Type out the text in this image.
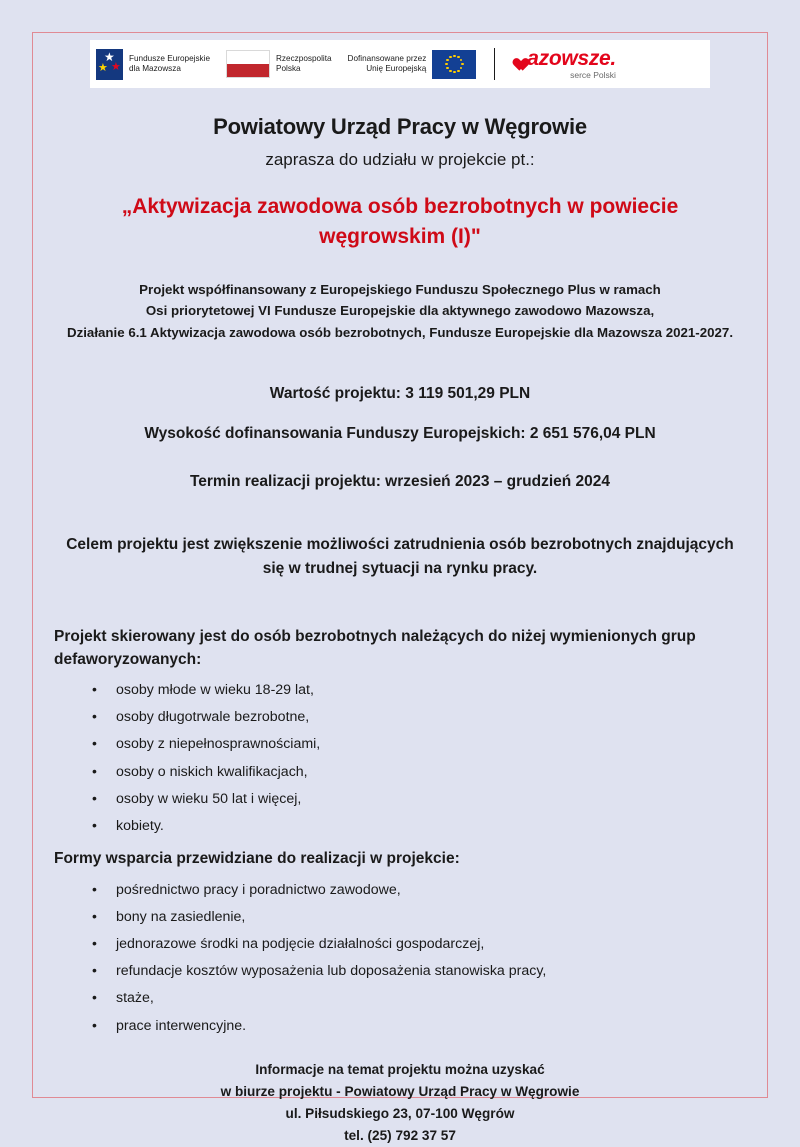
★
★ ★
Fundusze Europejskie
dla Mazowsza
Rzeczpospolita
Polska
Dofinansowane przez
Unię Europejską	azowsze.
serce Polski
Powiatowy Urząd Pracy w Węgrowie
zaprasza do udziału w projekcie pt.:
„Aktywizacja zawodowa osób bezrobotnych w powiecie
węgrowskim (I)"
Projekt współfinansowany z Europejskiego Funduszu Społecznego Plus w ramach
Osi priorytetowej VI Fundusze Europejskie dla aktywnego zawodowo Mazowsza,
Działanie 6.1 Aktywizacja zawodowa osób bezrobotnych, Fundusze Europejskie dla Mazowsza 2021-2027.
Wartość projektu: 3 119 501,29 PLN
Wysokość dofinansowania Funduszy Europejskich: 2 651 576,04 PLN
Termin realizacji projektu: wrzesień 2023 – grudzień 2024
Celem projektu jest zwiększenie możliwości zatrudnienia osób bezrobotnych znajdujących
się w trudnej sytuacji na rynku pracy.
Projekt skierowany jest do osób bezrobotnych należących do niżej wymienionych grup
defaworyzowanych:
• osoby młode w wieku 18-29 lat,
• osoby długotrwale bezrobotne,
• osoby z niepełnosprawnościami,
• osoby o niskich kwalifikacjach,
• osoby w wieku 50 lat i więcej,
• kobiety.
Formy wsparcia przewidziane do realizacji w projekcie:
• pośrednictwo pracy i poradnictwo zawodowe,
• bony na zasiedlenie,
• jednorazowe środki na podjęcie działalności gospodarczej,
• refundacje kosztów wyposażenia lub doposażenia stanowiska pracy,
• staże,
• prace interwencyjne.
Informacje na temat projektu można uzyskać
w biurze projektu - Powiatowy Urząd Pracy w Węgrowie
ul. Piłsudskiego 23, 07-100 Węgrów
tel. (25) 792 37 57
